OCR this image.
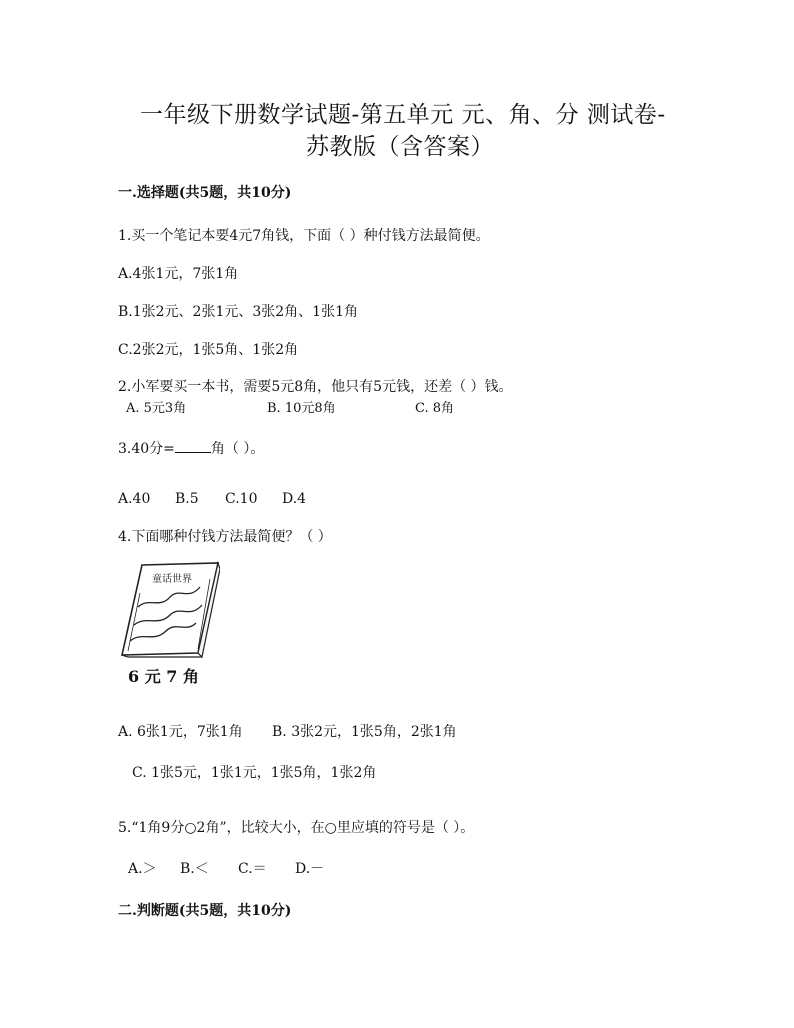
一年级下册数学试题-第五单元 元、角、分 测试卷-
苏教版（含答案）
一.选择题(共5题，共10分)
1.买一个笔记本要4元7角钱，下面（ ）种付钱方法最简便。
A.4张1元，7张1角
B.1张2元、2张1元、3张2角、1张1角
C.2张2元，1张5角、1张2角
2.小军要买一本书，需要5元8角，他只有5元钱，还差（ ）钱。
A. 5元3角	B. 10元8角	C. 8角
3.40分=	角（ ）。
A.40 B.5 C.10 D.4
4.下面哪种付钱方法最简便？（ ）
童话世界
6 元 7 角
A. 6张1元，7张1角 B. 3张2元，1张5角，2张1角
C. 1张5元，1张1元，1张5角，1张2角
5.“1角9分○2角”，比较大小，在○里应填的符号是（ ）。
A.＞ B.＜ C.＝ D.－
二.判断题(共5题，共10分)
